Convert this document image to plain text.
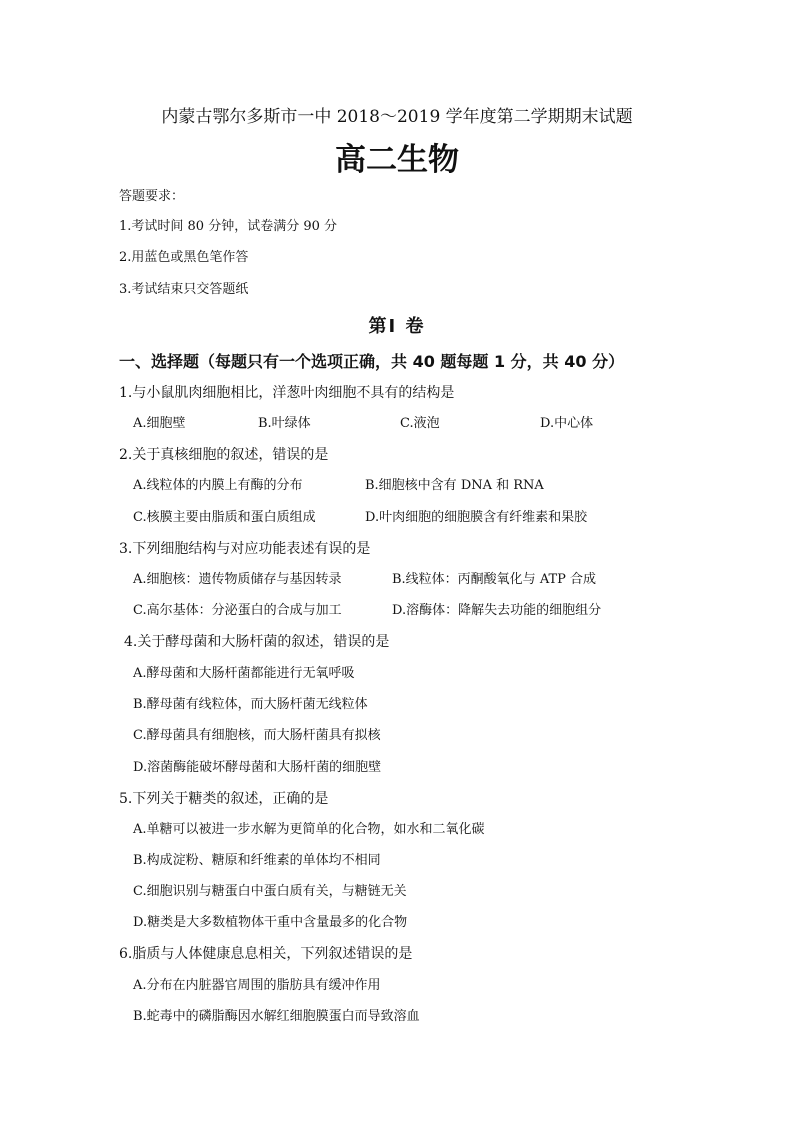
内蒙古鄂尔多斯市一中 2018～2019 学年度第二学期期末试题
高二生物
答题要求：
1.考试时间 80 分钟，试卷满分 90 分
2.用蓝色或黑色笔作答
3.考试结束只交答题纸
第Ⅰ 卷
一、选择题（每题只有一个选项正确，共 40 题每题 1 分，共 40 分）
1.与小鼠肌肉细胞相比，洋葱叶肉细胞不具有的结构是
A.细胞壁	B.叶绿体	C.液泡	D.中心体
2.关于真核细胞的叙述，错误的是
A.线粒体的内膜上有酶的分布	B.细胞核中含有 DNA 和 RNA
C.核膜主要由脂质和蛋白质组成	D.叶肉细胞的细胞膜含有纤维素和果胶
3.下列细胞结构与对应功能表述有误的是
A.细胞核：遗传物质储存与基因转录	B.线粒体：丙酮酸氧化与 ATP 合成
C.高尔基体：分泌蛋白的合成与加工	D.溶酶体：降解失去功能的细胞组分
4.关于酵母菌和大肠杆菌的叙述，错误的是
A.酵母菌和大肠杆菌都能进行无氧呼吸
B.酵母菌有线粒体，而大肠杆菌无线粒体
C.酵母菌具有细胞核，而大肠杆菌具有拟核
D.溶菌酶能破坏酵母菌和大肠杆菌的细胞壁
5.下列关于糖类的叙述，正确的是
A.单糖可以被进一步水解为更简单的化合物，如水和二氧化碳
B.构成淀粉、糖原和纤维素的单体均不相同
C.细胞识别与糖蛋白中蛋白质有关，与糖链无关
D.糖类是大多数植物体干重中含量最多的化合物
6.脂质与人体健康息息相关，下列叙述错误的是
A.分布在内脏器官周围的脂肪具有缓冲作用
B.蛇毒中的磷脂酶因水解红细胞膜蛋白而导致溶血
